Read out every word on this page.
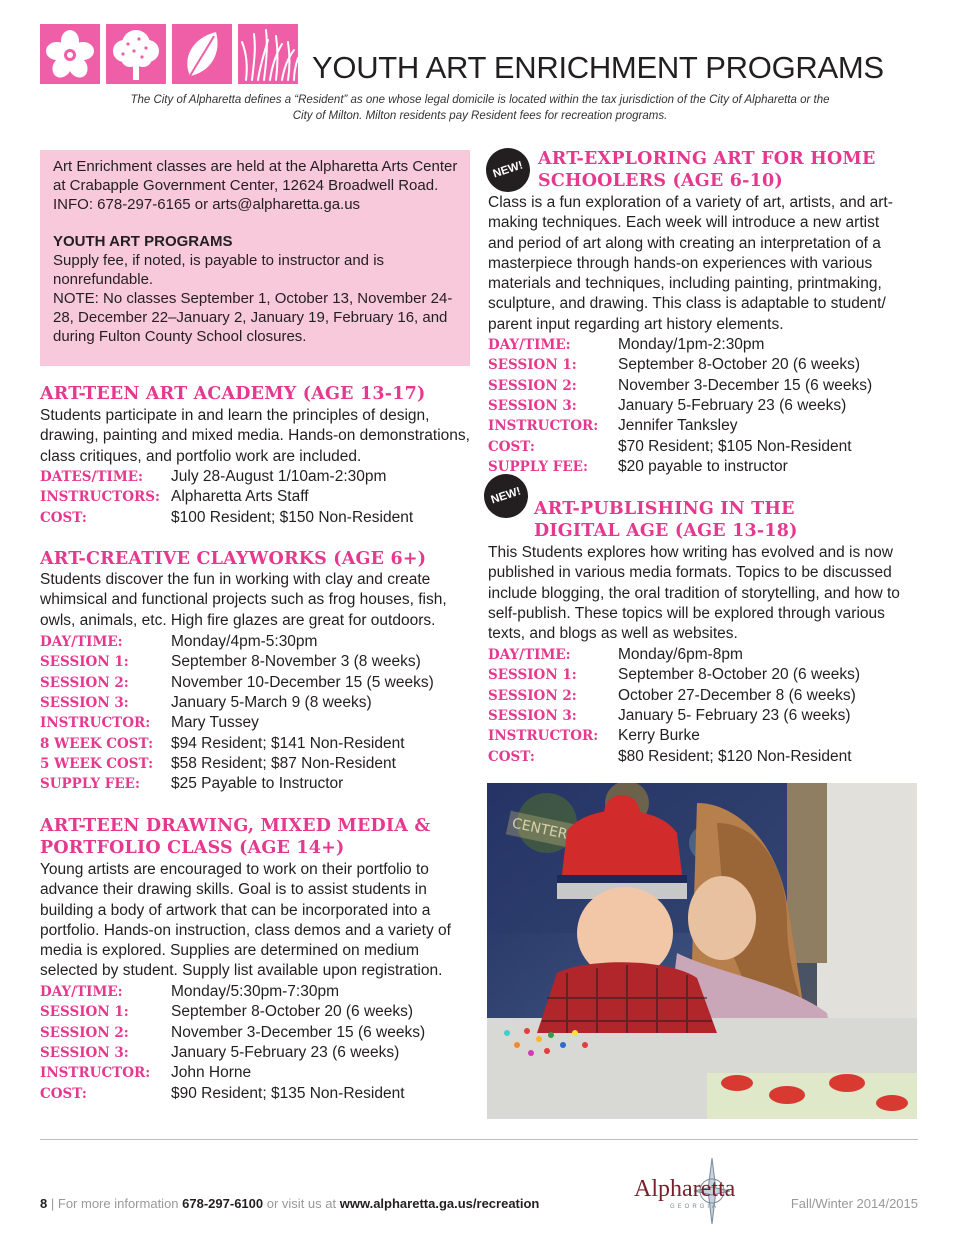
YOUTH ART ENRICHMENT PROGRAMS
The City of Alpharetta defines a “Resident” as one whose legal domicile is located within the tax jurisdiction of the City of Alpharetta or the
City of Milton. Milton residents pay Resident fees for recreation programs.

Art Enrichment classes are held at the Alpharetta Arts Center at Crabapple Government Center, 12624 Broadwell Road. INFO: 678-297-6165 or arts@alpharetta.ga.us

YOUTH ART PROGRAMS

Supply fee, if noted, is payable to instructor and is nonrefundable.

NOTE: No classes September 1, October 13, November 24-28, December 22–January 2, January 19, February 16, and during Fulton County School closures.

ART-TEEN ART ACADEMY (AGE 13-17)
Students participate in and learn the principles of design, drawing, painting and mixed media. Hands-on demonstrations, class critiques, and portfolio work are included.
ART-CREATIVE CLAYWORKS (AGE 6+)
Students discover the fun in working with clay and create whimsical and functional projects such as frog houses, fish, owls, animals, etc. High fire glazes are great for outdoors.
ART-TEEN DRAWING, MIXED MEDIA &
PORTFOLIO CLASS (AGE 14+)
Young artists are encouraged to work on their portfolio to advance their drawing skills. Goal is to assist students in building a body of artwork that can be incorporated into a portfolio. Hands-on instruction, class demos and a variety of media is explored. Supplies are determined on medium selected by student. Supply list available upon registration.
NEW!
ART-EXPLORING ART FOR HOME
SCHOOLERS (AGE 6-10)
Class is a fun exploration of a variety of art, artists, and art-making techniques. Each week will introduce a new artist and period of art along with creating an interpretation of a masterpiece through hands-on experiences with various materials and techniques, including painting, printmaking, sculpture, and drawing. This class is adaptable to student/ parent input regarding art history elements.
NEW!
ART-PUBLISHING IN THE
DIGITAL AGE (AGE 13-18)
This Students explores how writing has evolved and is now published in various media formats. Topics to be discussed include blogging, the oral tradition of storytelling, and how to self-publish. These topics will be explored through various texts, and blogs as well as websites.
CENTER
8 | For more information 678-297-6100 or visit us at www.alpharetta.ga.us/recreation
Alpharetta
GEORGIA	Fall/Winter 2014/2015
DATES/TIME: July 28-August 1/10am-2:30pm
INSTRUCTORS: Alpharetta Arts Staff
COST:	$100 Resident; $150 Non-Resident
DAY/TIME:	Monday/4pm-5:30pm
SESSION 1:	September 8-November 3 (8 weeks)
SESSION 2:	November 10-December 15 (5 weeks)
SESSION 3:	January 5-March 9 (8 weeks)
INSTRUCTOR: Mary Tussey
8 WEEK COST: $94 Resident; $141 Non-Resident
5 WEEK COST: $58 Resident; $87 Non-Resident
SUPPLY FEE: $25 Payable to Instructor
DAY/TIME:	Monday/5:30pm-7:30pm
SESSION 1:	September 8-October 20 (6 weeks)
SESSION 2:	November 3-December 15 (6 weeks)
SESSION 3:	January 5-February 23 (6 weeks)
INSTRUCTOR: John Horne
COST:	$90 Resident; $135 Non-Resident
DAY/TIME:	Monday/1pm-2:30pm
SESSION 1:	September 8-October 20 (6 weeks)
SESSION 2:	November 3-December 15 (6 weeks)
SESSION 3:	January 5-February 23 (6 weeks)
INSTRUCTOR: Jennifer Tanksley
COST:	$70 Resident; $105 Non-Resident
SUPPLY FEE: $20 payable to instructor
DAY/TIME:	Monday/6pm-8pm
SESSION 1:	September 8-October 20 (6 weeks)
SESSION 2:	October 27-December 8 (6 weeks)
SESSION 3:	January 5- February 23 (6 weeks)
INSTRUCTOR: Kerry Burke
COST:	$80 Resident; $120 Non-Resident
